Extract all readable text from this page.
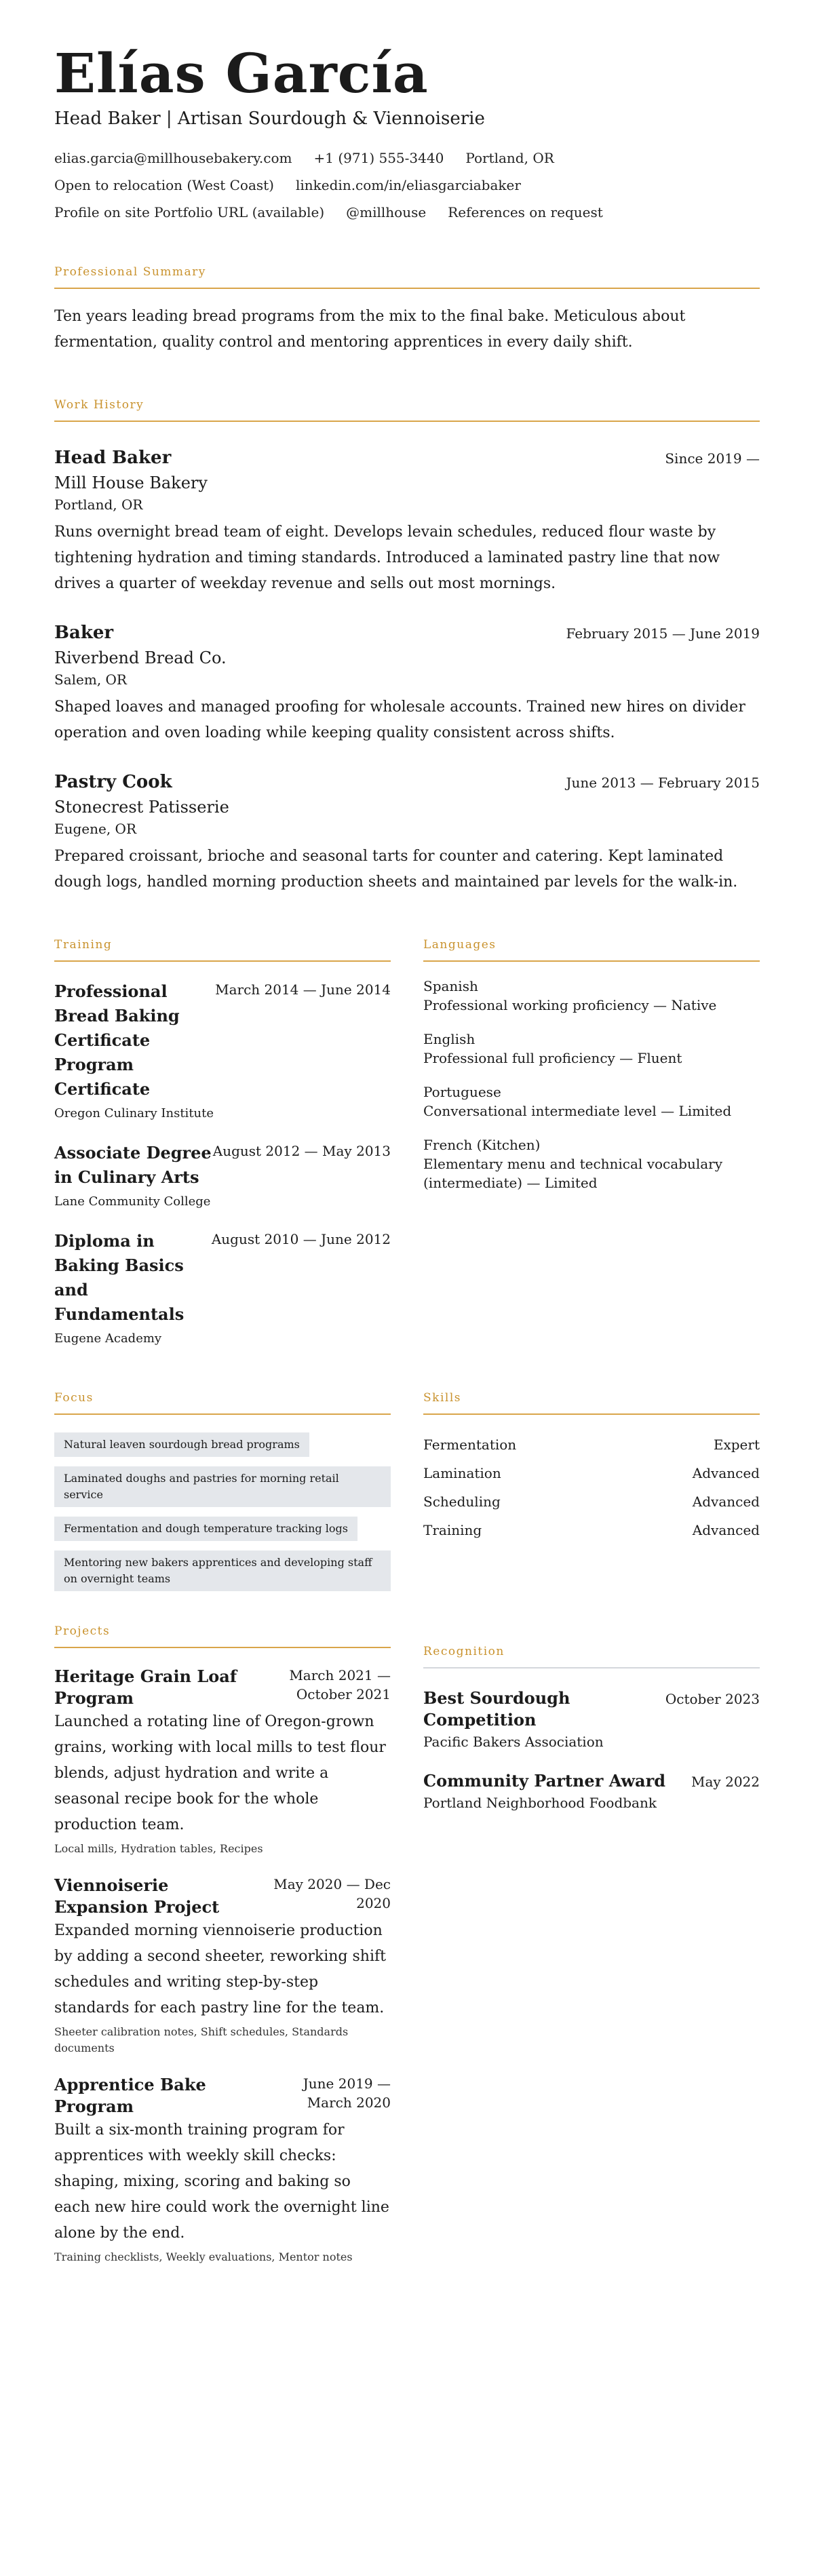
Elías García
Head Baker | Artisan Sourdough & Viennoiserie
elias.garcia@millhousebakery.com +1 (971) 555-3440 Portland, OR
Open to relocation (West Coast) linkedin.com/in/eliasgarciabaker
Profile on site Portfolio URL (available) @millhouse References on request
Professional Summary
Ten years leading bread programs from the mix to the final bake. Meticulous about fermentation, quality control and mentoring apprentices in every daily shift.
Work History
Head Baker	Since 2019 —
Mill House Bakery
Portland, OR
Runs overnight bread team of eight. Develops levain schedules, reduced flour waste by tightening hydration and timing standards. Introduced a laminated pastry line that now drives a quarter of weekday revenue and sells out most mornings.
Baker	February 2015 — June 2019
Riverbend Bread Co.
Salem, OR
Shaped loaves and managed proofing for wholesale accounts. Trained new hires on divider operation and oven loading while keeping quality consistent across shifts.
Pastry Cook	June 2013 — February 2015
Stonecrest Patisserie
Eugene, OR
Prepared croissant, brioche and seasonal tarts for counter and catering. Kept laminated dough logs, handled morning production sheets and maintained par levels for the walk-in.
Training
Professional Bread Baking Certificate Program Certificate
Oregon Culinary Institute
March 2014 — June 2014
Associate Degree in Culinary Arts
Lane Community College
August 2012 — May 2013
Diploma in Baking Basics and Fundamentals
Eugene Academy
August 2010 — June 2012
Languages
Spanish
Professional working proficiency — Native
English
Professional full proficiency — Fluent
Portuguese
Conversational intermediate level — Limited
French (Kitchen)
Elementary menu and technical vocabulary (intermediate) — Limited
Focus
Natural leaven sourdough bread programs
Laminated doughs and pastries for morning retail service
Fermentation and dough temperature tracking logs
Mentoring new bakers apprentices and developing staff on overnight teams
Skills
Fermentation	Expert
Lamination	Advanced
Scheduling	Advanced
Training	Advanced
Projects
Heritage Grain Loaf Program
March 2021 — October 2021
Launched a rotating line of Oregon-grown grains, working with local mills to test flour blends, adjust hydration and write a seasonal recipe book for the whole production team.
Local mills, Hydration tables, Recipes
Viennoiserie Expansion Project
May 2020 — Dec 2020
Expanded morning viennoiserie production by adding a second sheeter, reworking shift schedules and writing step-by-step standards for each pastry line for the team.
Sheeter calibration notes, Shift schedules, Standards documents
Apprentice Bake Program
June 2019 — March 2020
Built a six-month training program for apprentices with weekly skill checks: shaping, mixing, scoring and baking so each new hire could work the overnight line alone by the end.
Training checklists, Weekly evaluations, Mentor notes
Recognition
Best Sourdough Competition
October 2023
Pacific Bakers Association
Community Partner Award May 2022
Portland Neighborhood Foodbank
